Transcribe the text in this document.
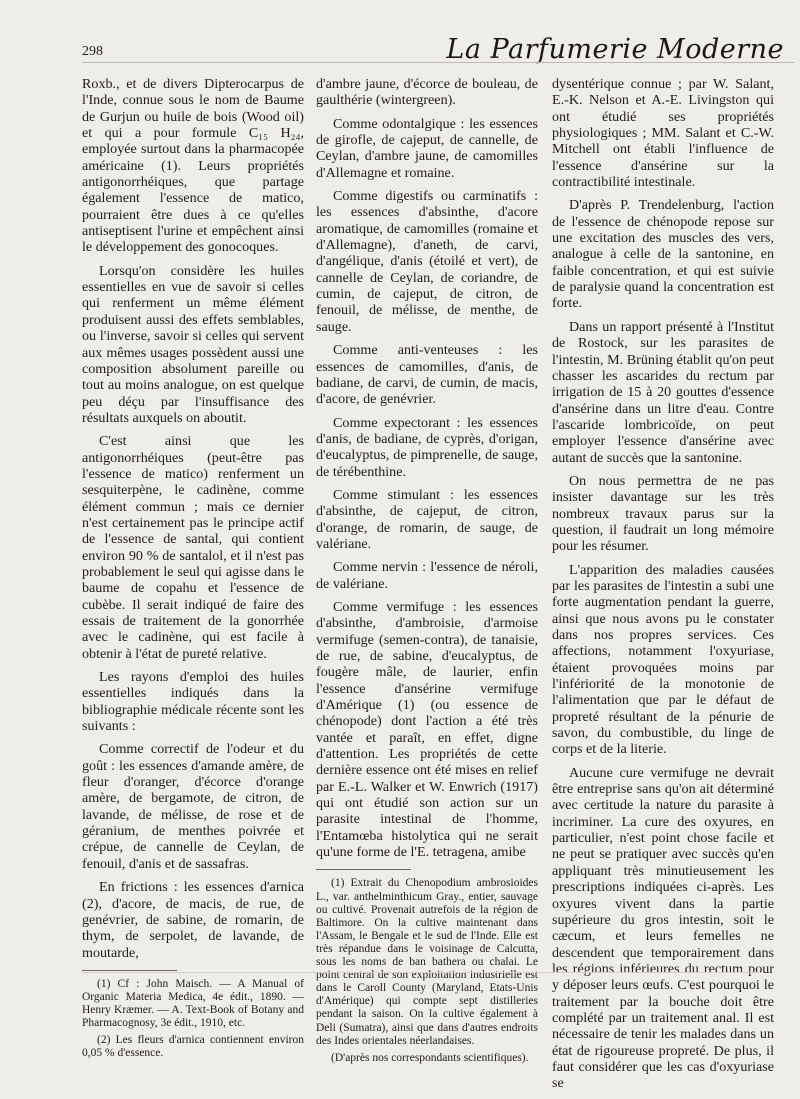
298	La Parfumerie Moderne

Roxb., et de divers Dipterocarpus de l'Inde, connue sous le nom de Baume de Gurjun ou huile de bois (Wood oil) et qui a pour formule C₁₅ H₂₄, employée surtout dans la pharmacopée américaine (1). Leurs propriétés antigonorrhéiques, que partage également l'essence de matico, pourraient être dues à ce qu'elles antiseptisent l'urine et empêchent ainsi le développement des gonocoques.

Lorsqu'on considère les huiles essentielles en vue de savoir si celles qui renferment un même élément produisent aussi des effets semblables, ou l'inverse, savoir si celles qui servent aux mêmes usages possèdent aussi une composition absolument pareille ou tout au moins analogue, on est quelque peu déçu par l'insuffisance des résultats auxquels on aboutit.

C'est ainsi que les antigonorrhéiques (peut-être pas l'essence de matico) renferment un sesquiterpène, le cadinène, comme élément commun ; mais ce dernier n'est certainement pas le principe actif de l'essence de santal, qui contient environ 90 % de santalol, et il n'est pas probablement le seul qui agisse dans le baume de copahu et l'essence de cubèbe. Il serait indiqué de faire des essais de traitement de la gonorrhée avec le cadinène, qui est facile à obtenir à l'état de pureté relative.

Les rayons d'emploi des huiles essentielles indiqués dans la bibliographie médicale récente sont les suivants :

Comme correctif de l'odeur et du goût : les essences d'amande amère, de fleur d'oranger, d'écorce d'orange amère, de bergamote, de citron, de lavande, de mélisse, de rose et de géranium, de menthes poivrée et crépue, de cannelle de Ceylan, de fenouil, d'anis et de sassafras.

En frictions : les essences d'arnica (2), d'acore, de macis, de rue, de genévrier, de sabine, de romarin, de thym, de serpolet, de lavande, de moutarde,

(1) Cf : John Maisch. — A Manual of Organic Materia Medica, 4e édit., 1890. — Henry Kræmer. — A. Text-Book of Botany and Pharmacognosy, 3e édit., 1910, etc.

(2) Les fleurs d'arnica contiennent environ 0,05 % d'essence.

d'ambre jaune, d'écorce de bouleau, de gaulthérie (wintergreen).

Comme odontalgique : les essences de girofle, de cajeput, de cannelle, de Ceylan, d'ambre jaune, de camomilles d'Allemagne et romaine.

Comme digestifs ou carminatifs : les essences d'absinthe, d'acore aromatique, de camomilles (romaine et d'Allemagne), d'aneth, de carvi, d'angélique, d'anis (étoilé et vert), de cannelle de Ceylan, de coriandre, de cumin, de cajeput, de citron, de fenouil, de mélisse, de menthe, de sauge.

Comme anti-venteuses : les essences de camomilles, d'anis, de badiane, de carvi, de cumin, de macis, d'acore, de genévrier.

Comme expectorant : les essences d'anis, de badiane, de cyprès, d'origan, d'eucalyptus, de pimprenelle, de sauge, de térébenthine.

Comme stimulant : les essences d'absinthe, de cajeput, de citron, d'orange, de romarin, de sauge, de valériane.

Comme nervin : l'essence de néroli, de valériane.

Comme vermifuge : les essences d'absinthe, d'ambroisie, d'armoise vermifuge (semen-contra), de tanaisie, de rue, de sabine, d'eucalyptus, de fougère mâle, de laurier, enfin l'essence d'ansérine vermifuge d'Amérique (1) (ou essence de chénopode) dont l'action a été très vantée et paraît, en effet, digne d'attention. Les propriétés de cette dernière essence ont été mises en relief par E.-L. Walker et W. Enwrich (1917) qui ont étudié son action sur un parasite intestinal de l'homme, l'Entamœba histolytica qui ne serait qu'une forme de l'E. tetragena, amibe

(1) Extrait du Chenopodium ambrosioides L., var. anthelminthicum Gray., entier, sauvage ou cultivé. Provenait autrefois de la région de Baltimore. On la cultive maintenant dans l'Assam, le Bengale et le sud de l'Inde. Elle est très répandue dans le voisinage de Calcutta, sous les noms de ban bathera ou chalai. Le point central de son exploitation industrielle est dans le Caroll County (Maryland, Etats-Unis d'Amérique) qui compte sept distilleries pendant la saison. On la cultive également à Deli (Sumatra), ainsi que dans d'autres endroits des Indes orientales néerlandaises.

(D'après nos correspondants scientifiques).

dysentérique connue ; par W. Salant, E.-K. Nelson et A.-E. Livingston qui ont étudié ses propriétés physiologiques ; MM. Salant et C.-W. Mitchell ont établi l'influence de l'essence d'ansérine sur la contractibilité intestinale.

D'après P. Trendelenburg, l'action de l'essence de chénopode repose sur une excitation des muscles des vers, analogue à celle de la santonine, en faible concentration, et qui est suivie de paralysie quand la concentration est forte.

Dans un rapport présenté à l'Institut de Rostock, sur les parasites de l'intestin, M. Brüning établit qu'on peut chasser les ascarides du rectum par irrigation de 15 à 20 gouttes d'essence d'ansérine dans un litre d'eau. Contre l'ascaride lombricoïde, on peut employer l'essence d'ansérine avec autant de succès que la santonine.

On nous permettra de ne pas insister davantage sur les très nombreux travaux parus sur la question, il faudrait un long mémoire pour les résumer.

L'apparition des maladies causées par les parasites de l'intestin a subi une forte augmentation pendant la guerre, ainsi que nous avons pu le constater dans nos propres services. Ces affections, notamment l'oxyuriase, étaient provoquées moins par l'infériorité de la monotonie de l'alimentation que par le défaut de propreté résultant de la pénurie de savon, du combustible, du linge de corps et de la literie.

Aucune cure vermifuge ne devrait être entreprise sans qu'on ait déterminé avec certitude la nature du parasite à incriminer. La cure des oxyures, en particulier, n'est point chose facile et ne peut se pratiquer avec succès qu'en appliquant très minutieusement les prescriptions indiquées ci-après. Les oxyures vivent dans la partie supérieure du gros intestin, soit le cæcum, et leurs femelles ne descendent que temporairement dans les régions inférieures du rectum pour y déposer leurs œufs. C'est pourquoi le traitement par la bouche doit être complété par un traitement anal. Il est nécessaire de tenir les malades dans un état de rigoureuse propreté. De plus, il faut considérer que les cas d'oxyuriase se
